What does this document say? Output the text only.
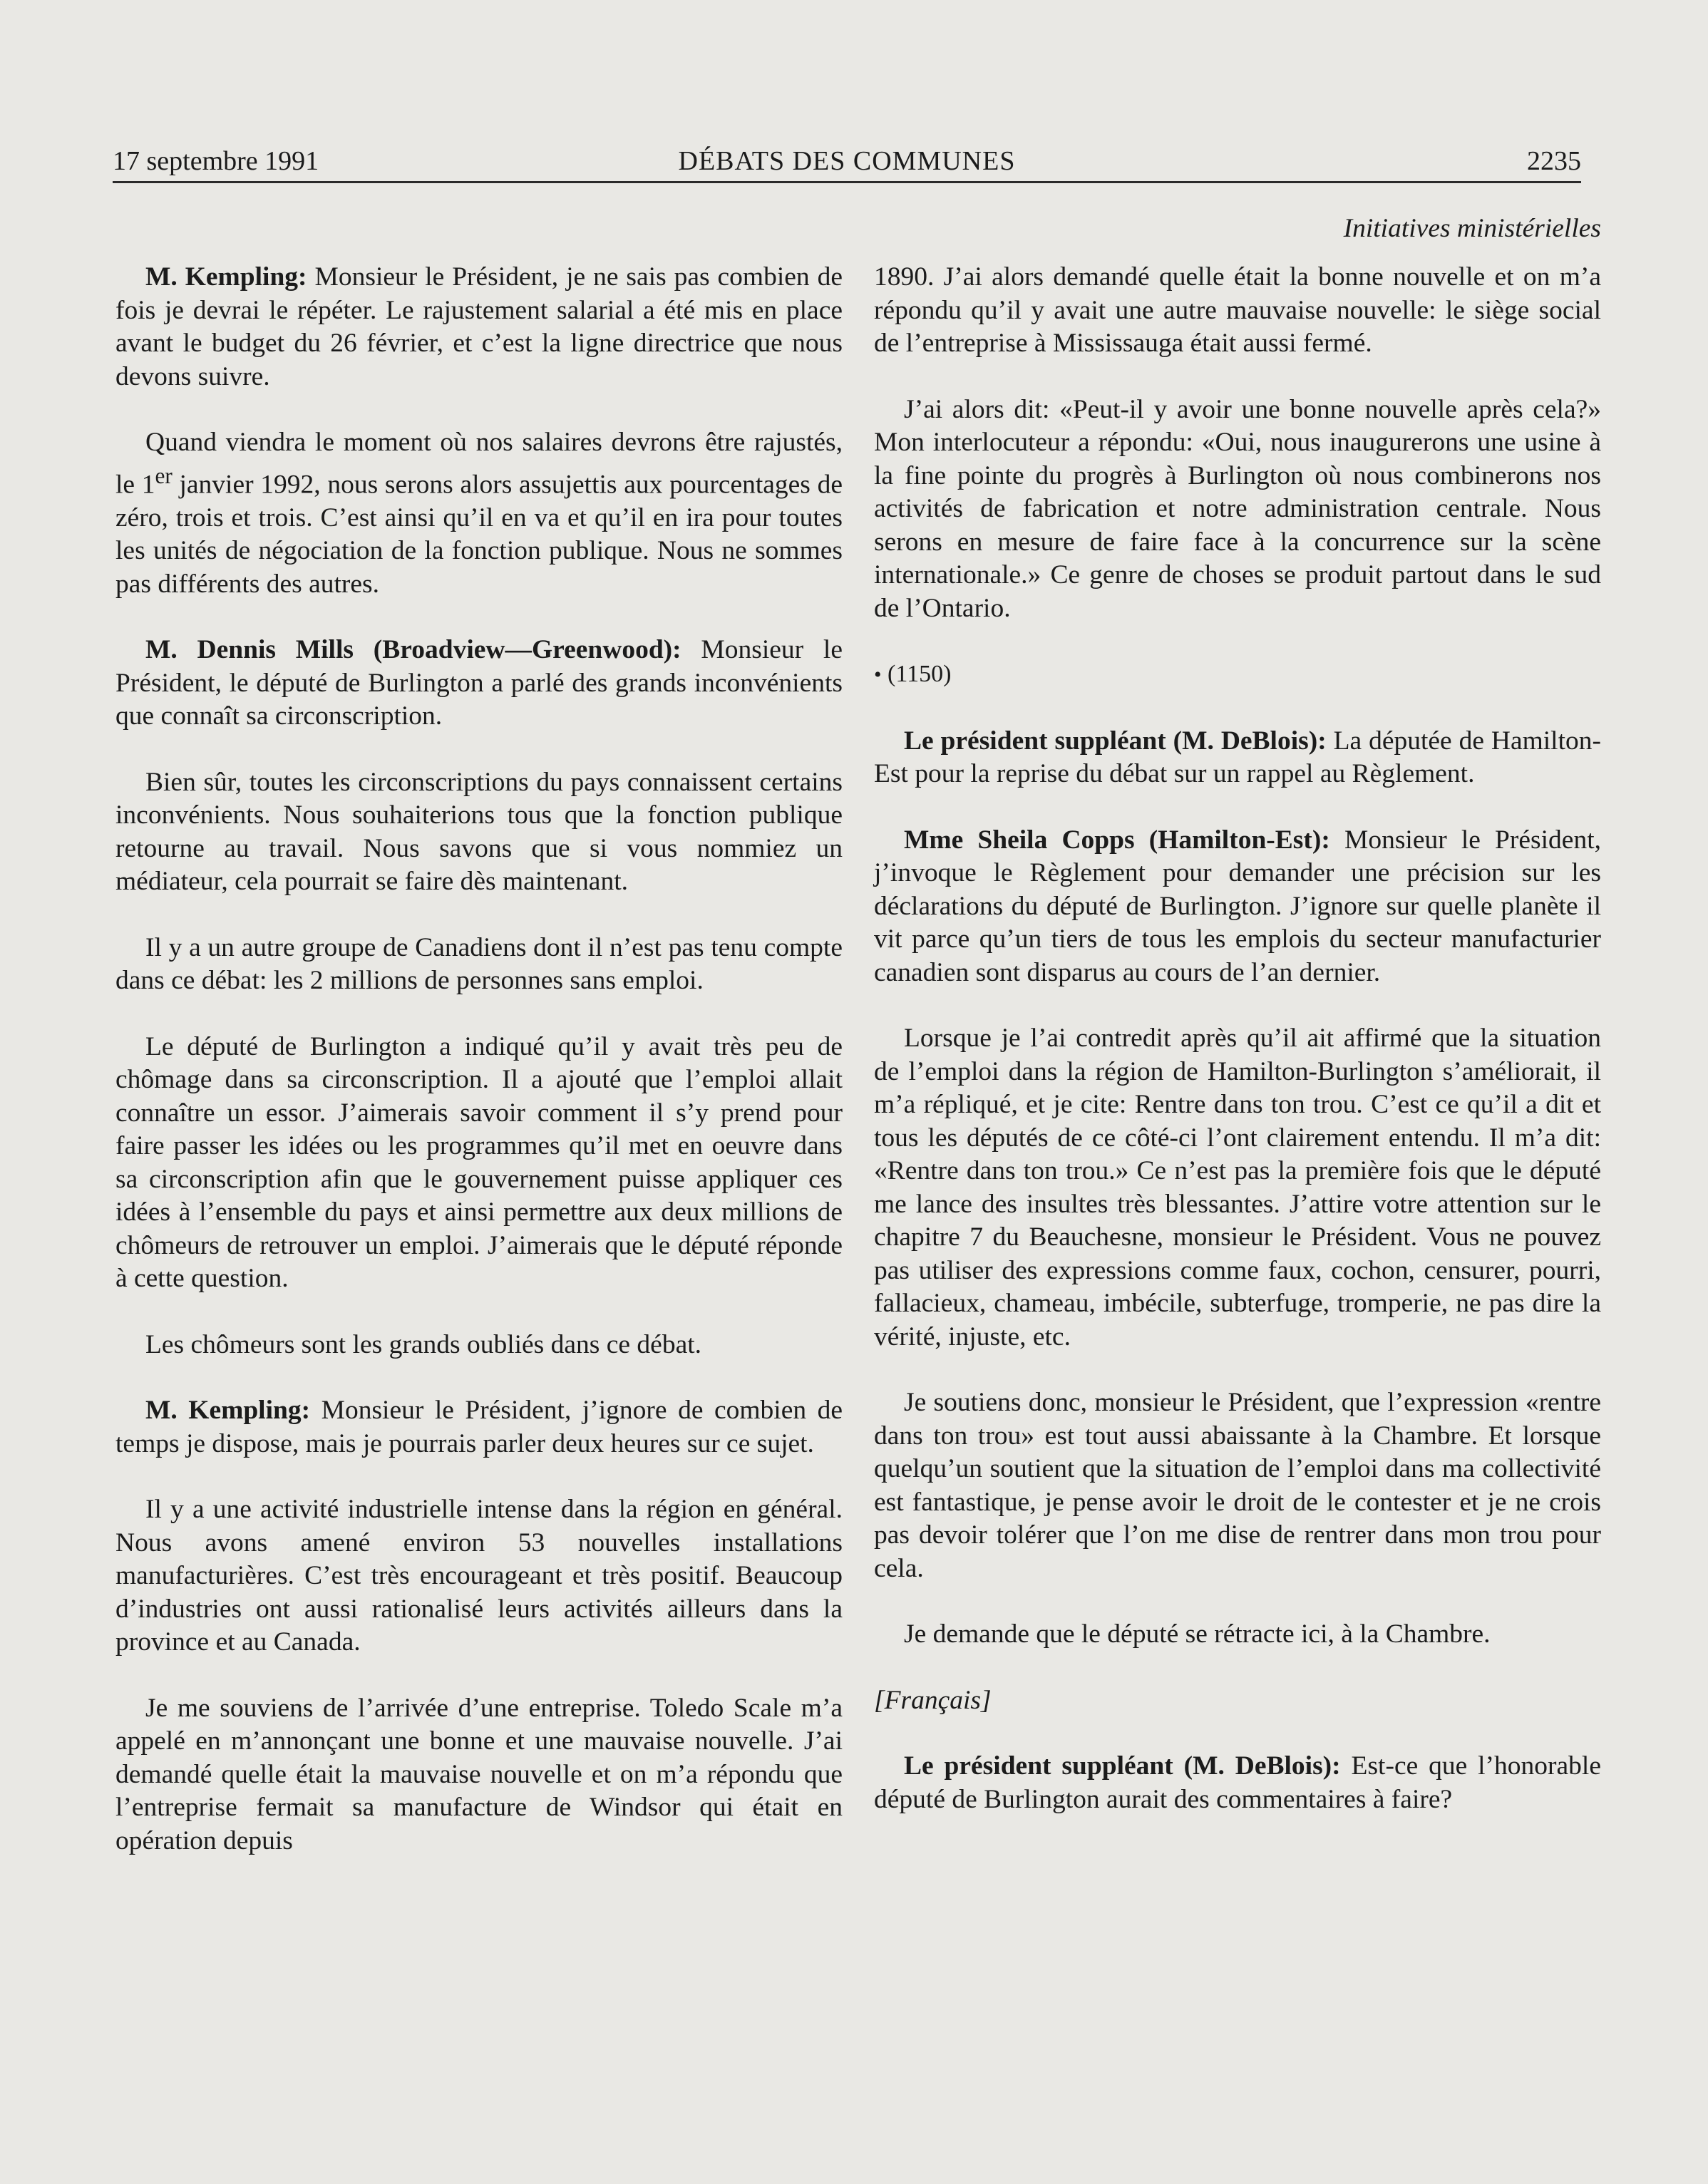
17 septembre 1991	DÉBATS DES COMMUNES	2235
Initiatives ministérielles

M. Kempling: Monsieur le Président, je ne sais pas combien de fois je devrai le répéter. Le rajustement salarial a été mis en place avant le budget du 26 février, et c’est la ligne directrice que nous devons suivre.

Quand viendra le moment où nos salaires devrons être rajustés, le 1er janvier 1992, nous serons alors assujettis aux pourcentages de zéro, trois et trois. C’est ainsi qu’il en va et qu’il en ira pour toutes les unités de négociation de la fonction publique. Nous ne sommes pas différents des autres.

M. Dennis Mills (Broadview—Greenwood): Monsieur le Président, le député de Burlington a parlé des grands inconvénients que connaît sa circonscription.

Bien sûr, toutes les circonscriptions du pays connaissent certains inconvénients. Nous souhaiterions tous que la fonction publique retourne au travail. Nous savons que si vous nommiez un médiateur, cela pourrait se faire dès maintenant.

Il y a un autre groupe de Canadiens dont il n’est pas tenu compte dans ce débat: les 2 millions de personnes sans emploi.

Le député de Burlington a indiqué qu’il y avait très peu de chômage dans sa circonscription. Il a ajouté que l’emploi allait connaître un essor. J’aimerais savoir comment il s’y prend pour faire passer les idées ou les programmes qu’il met en oeuvre dans sa circonscription afin que le gouvernement puisse appliquer ces idées à l’ensemble du pays et ainsi permettre aux deux millions de chômeurs de retrouver un emploi. J’aimerais que le député réponde à cette question.

Les chômeurs sont les grands oubliés dans ce débat.

M. Kempling: Monsieur le Président, j’ignore de combien de temps je dispose, mais je pourrais parler deux heures sur ce sujet.

Il y a une activité industrielle intense dans la région en général. Nous avons amené environ 53 nouvelles installations manufacturières. C’est très encourageant et très positif. Beaucoup d’industries ont aussi rationalisé leurs activités ailleurs dans la province et au Canada.

Je me souviens de l’arrivée d’une entreprise. Toledo Scale m’a appelé en m’annonçant une bonne et une mauvaise nouvelle. J’ai demandé quelle était la mauvaise nouvelle et on m’a répondu que l’entreprise fermait sa manufacture de Windsor qui était en opération depuis

1890. J’ai alors demandé quelle était la bonne nouvelle et on m’a répondu qu’il y avait une autre mauvaise nouvelle: le siège social de l’entreprise à Mississauga était aussi fermé.

J’ai alors dit: «Peut-il y avoir une bonne nouvelle après cela?» Mon interlocuteur a répondu: «Oui, nous inaugurerons une usine à la fine pointe du progrès à Burlington où nous combinerons nos activités de fabrication et notre administration centrale. Nous serons en mesure de faire face à la concurrence sur la scène internationale.» Ce genre de choses se produit partout dans le sud de l’Ontario.

• (1150)

Le président suppléant (M. DeBlois): La députée de Hamilton-Est pour la reprise du débat sur un rappel au Règlement.

Mme Sheila Copps (Hamilton-Est): Monsieur le Président, j’invoque le Règlement pour demander une précision sur les déclarations du député de Burlington. J’ignore sur quelle planète il vit parce qu’un tiers de tous les emplois du secteur manufacturier canadien sont disparus au cours de l’an dernier.

Lorsque je l’ai contredit après qu’il ait affirmé que la situation de l’emploi dans la région de Hamilton-Burlington s’améliorait, il m’a répliqué, et je cite: Rentre dans ton trou. C’est ce qu’il a dit et tous les députés de ce côté-ci l’ont clairement entendu. Il m’a dit: «Rentre dans ton trou.» Ce n’est pas la première fois que le député me lance des insultes très blessantes. J’attire votre attention sur le chapitre 7 du Beauchesne, monsieur le Président. Vous ne pouvez pas utiliser des expressions comme faux, cochon, censurer, pourri, fallacieux, chameau, imbécile, subterfuge, tromperie, ne pas dire la vérité, injuste, etc.

Je soutiens donc, monsieur le Président, que l’expression «rentre dans ton trou» est tout aussi abaissante à la Chambre. Et lorsque quelqu’un soutient que la situation de l’emploi dans ma collectivité est fantastique, je pense avoir le droit de le contester et je ne crois pas devoir tolérer que l’on me dise de rentrer dans mon trou pour cela.

Je demande que le député se rétracte ici, à la Chambre.

[Français]

Le président suppléant (M. DeBlois): Est-ce que l’honorable député de Burlington aurait des commentaires à faire?
